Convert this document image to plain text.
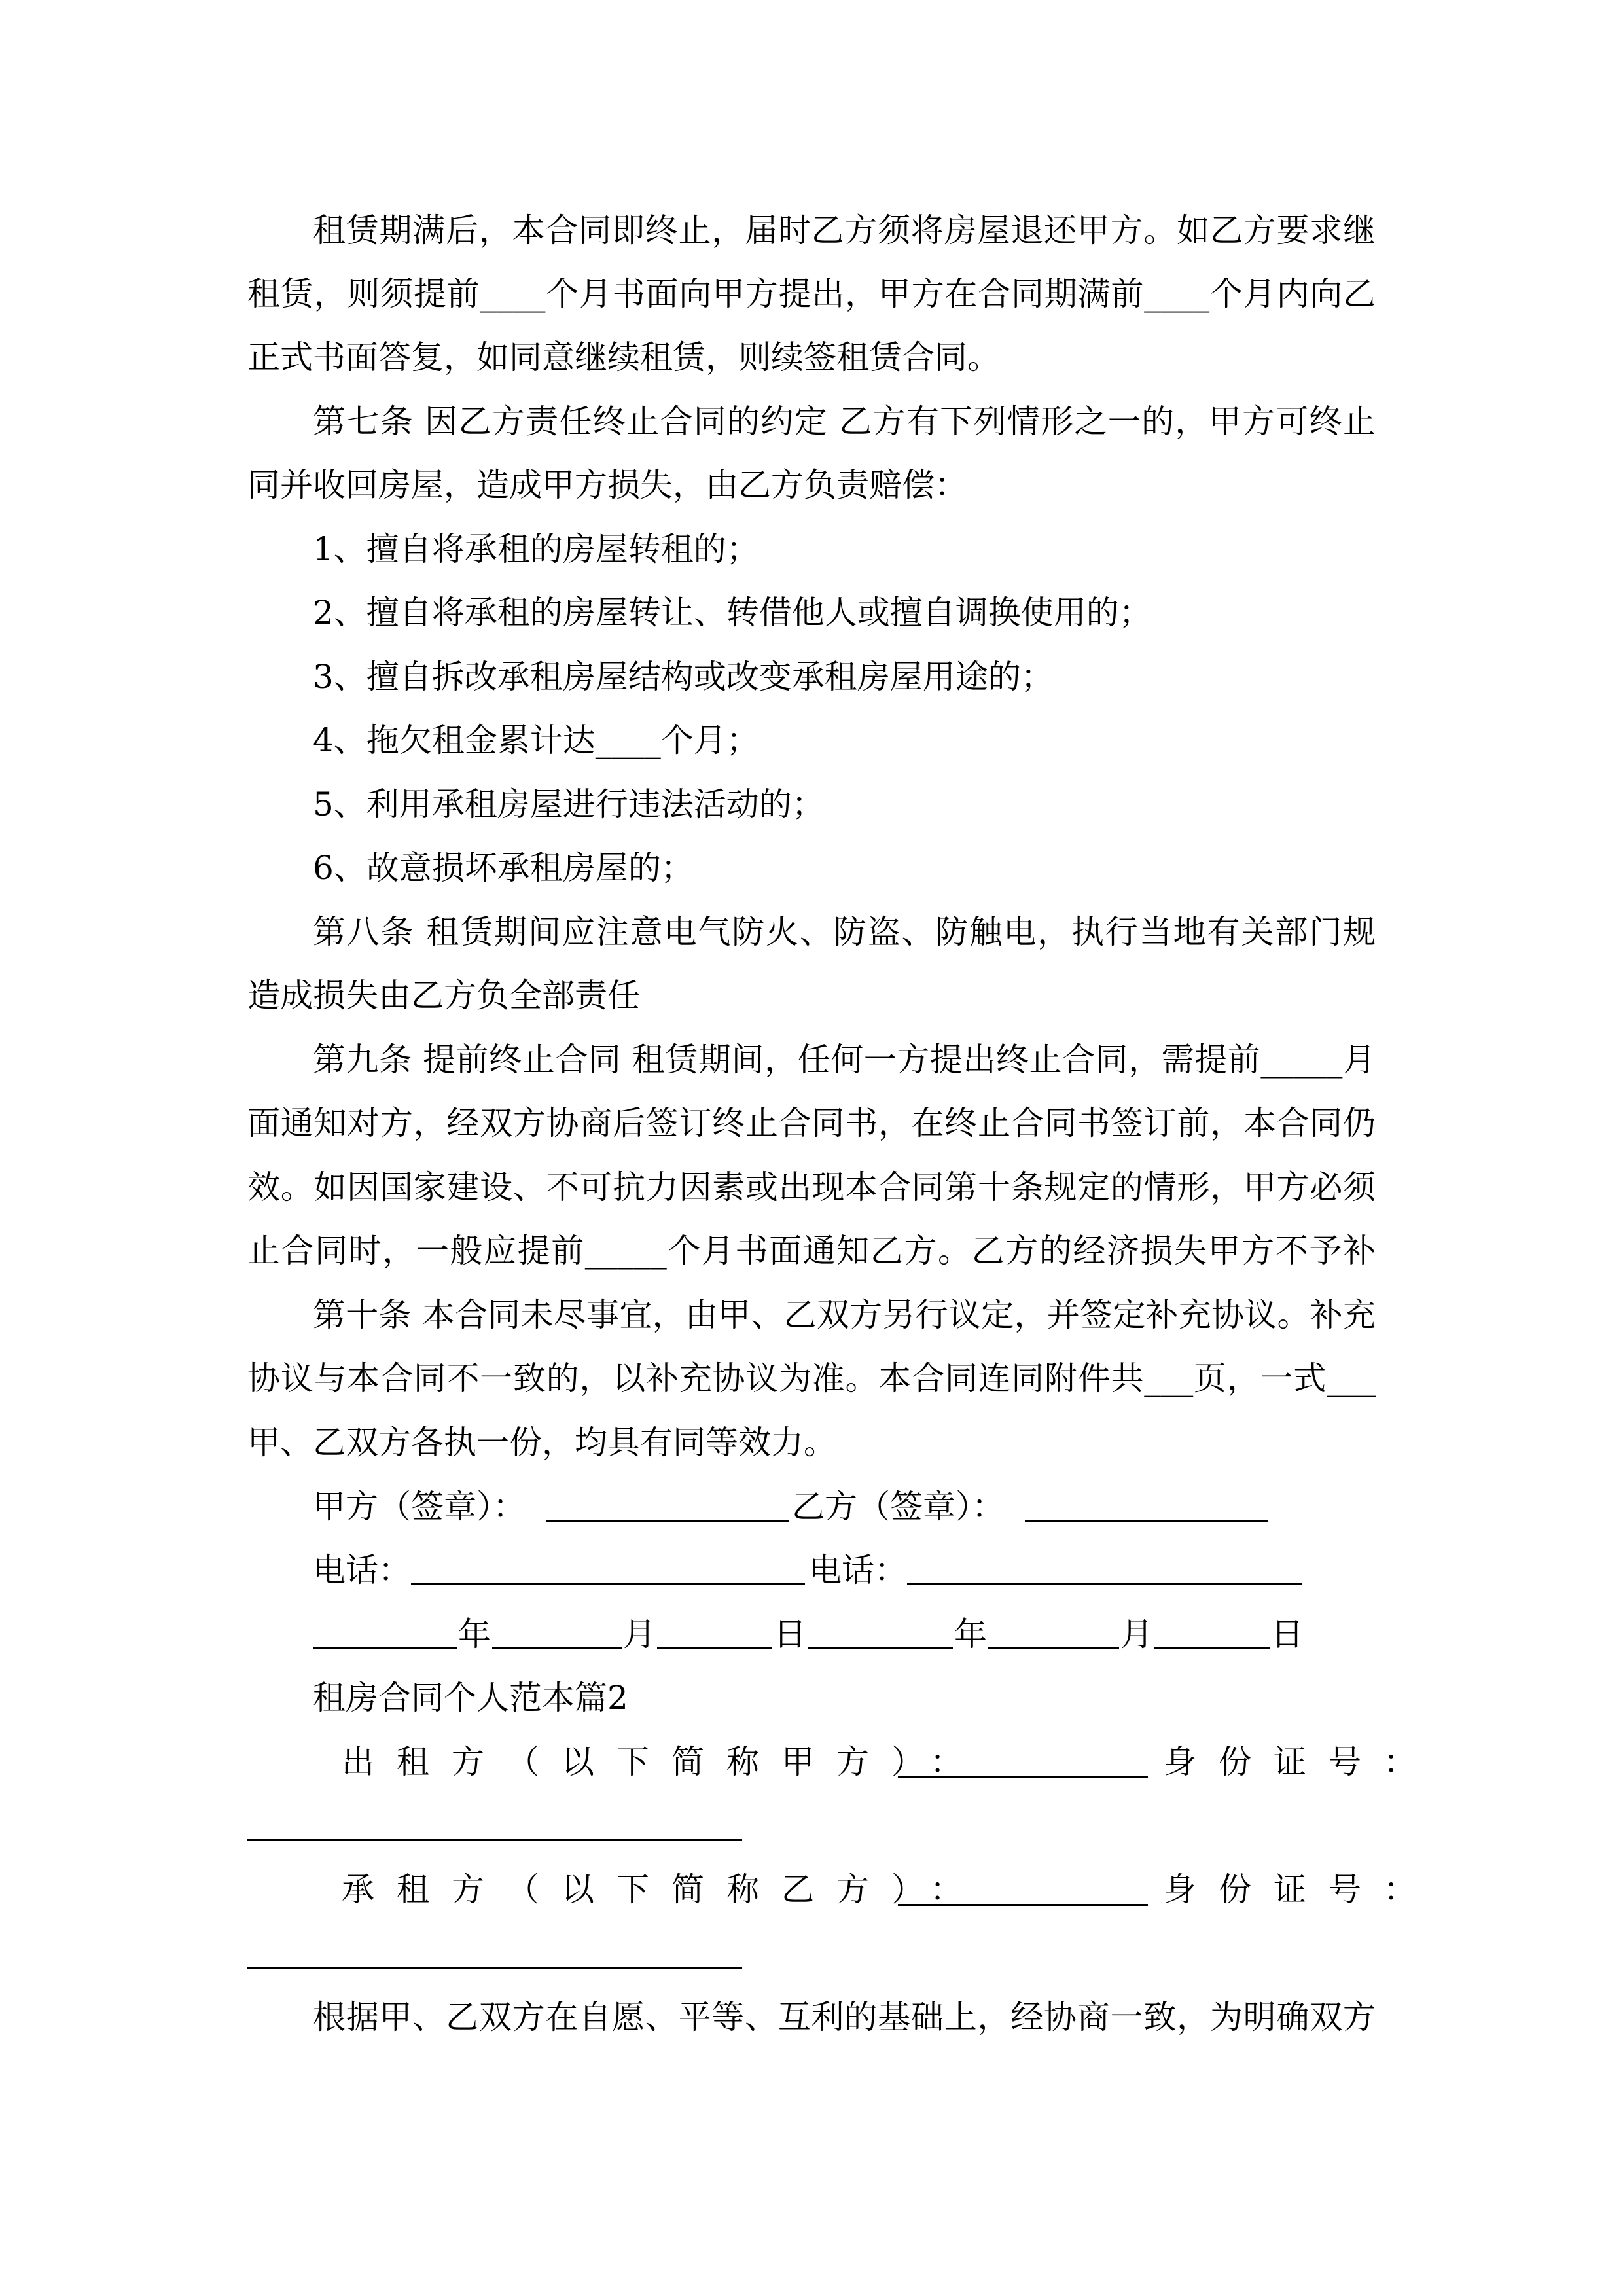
租赁期满后，本合同即终止，届时乙方须将房屋退还甲方。如乙方要求继
租赁，则须提前____个月书面向甲方提出，甲方在合同期满前____个月内向乙
正式书面答复，如同意继续租赁，则续签租赁合同。
第七条 因乙方责任终止合同的约定 乙方有下列情形之一的，甲方可终止
同并收回房屋，造成甲方损失，由乙方负责赔偿：
1、擅自将承租的房屋转租的；
2、擅自将承租的房屋转让、转借他人或擅自调换使用的；
3、擅自拆改承租房屋结构或改变承租房屋用途的；
4、拖欠租金累计达____个月；
5、利用承租房屋进行违法活动的；
6、故意损坏承租房屋的；
第八条 租赁期间应注意电气防火、防盗、防触电，执行当地有关部门规
造成损失由乙方负全部责任
第九条 提前终止合同 租赁期间，任何一方提出终止合同，需提前_____月
面通知对方，经双方协商后签订终止合同书，在终止合同书签订前，本合同仍
效。如因国家建设、不可抗力因素或出现本合同第十条规定的情形，甲方必须
止合同时，一般应提前_____个月书面通知乙方。乙方的经济损失甲方不予补
第十条 本合同未尽事宜，由甲、乙双方另行议定，并签定补充协议。补充
协议与本合同不一致的，以补充协议为准。本合同连同附件共___页，一式___
甲、乙双方各执一份，均具有同等效力。
甲方（签章）：	乙方（签章）：
电话：	电话：
年	月	日	年	月	日
租房合同个人范本篇2
出租方（以下简称甲方）：	身份证号：
承租方（以下简称乙方）：	身份证号：
根据甲、乙双方在自愿、平等、互利的基础上，经协商一致，为明确双方
